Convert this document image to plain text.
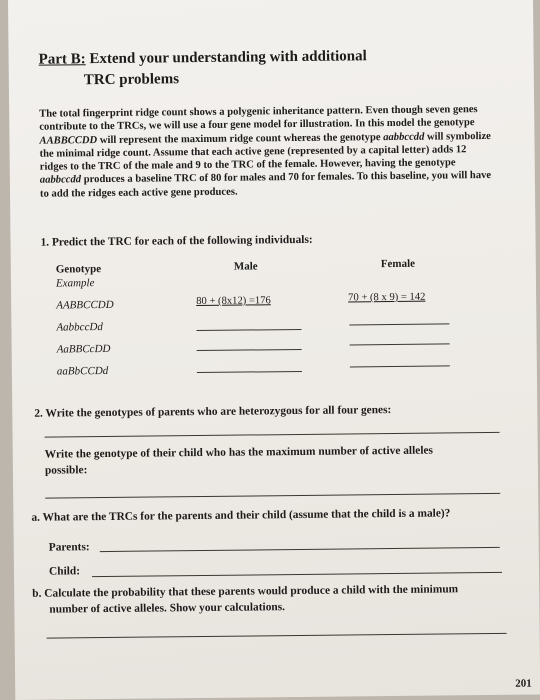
Part B: Extend your understanding with additional
TRC problems
The total fingerprint ridge count shows a polygenic inheritance pattern. Even though seven genes contribute to the TRCs, we will use a four gene model for illustration. In this model the genotype AABBCCDD will represent the maximum ridge count whereas the genotype aabbccdd will symbolize the minimal ridge count. Assume that each active gene (represented by a capital letter) adds 12 ridges to the TRC of the male and 9 to the TRC of the female. However, having the genotype aabbccdd produces a baseline TRC of 80 for males and 70 for females. To this baseline, you will have to add the ridges each active gene produces.
1. Predict the TRC for each of the following individuals:
Genotype	Male	Female
Example
AABBCCDD	80 + (8x12) =176	70 + (8 x 9) = 142
AabbccDd
AaBBCcDD
aaBbCCDd
2. Write the genotypes of parents who are heterozygous for all four genes:
Write the genotype of their child who has the maximum number of active alleles
possible:
a. What are the TRCs for the parents and their child (assume that the child is a male)?
Parents:
Child:
b. Calculate the probability that these parents would produce a child with the minimum
number of active alleles. Show your calculations.
201
